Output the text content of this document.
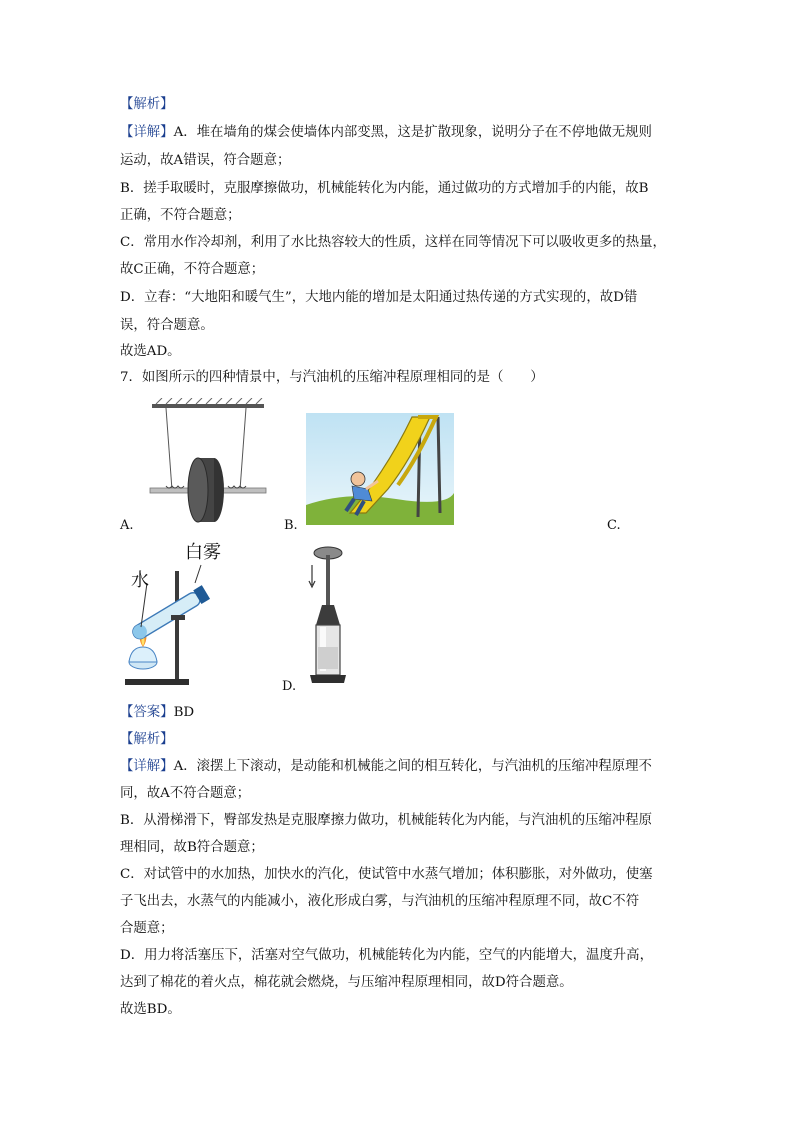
【解析】
【详解】A．堆在墙角的煤会使墙体内部变黑，这是扩散现象，说明分子在不停地做无规则
运动，故A错误，符合题意；
B．搓手取暖时，克服摩擦做功，机械能转化为内能，通过做功的方式增加手的内能，故B
正确，不符合题意；
C．常用水作冷却剂，利用了水比热容较大的性质，这样在同等情况下可以吸收更多的热量，
故C正确，不符合题意；
D．立春：“大地阳和暖气生”，大地内能的增加是太阳通过热传递的方式实现的，故D错
误，符合题意。
故选AD。
7．如图所示的四种情景中，与汽油机的压缩冲程原理相同的是（　　）
A.	B.	C.
白雾
水
D.
【答案】BD
【解析】
【详解】A．滚摆上下滚动，是动能和机械能之间的相互转化，与汽油机的压缩冲程原理不
同，故A不符合题意；
B．从滑梯滑下，臀部发热是克服摩擦力做功，机械能转化为内能，与汽油机的压缩冲程原
理相同，故B符合题意；
C．对试管中的水加热，加快水的汽化，使试管中水蒸气增加；体积膨胀，对外做功，使塞
子飞出去，水蒸气的内能减小，液化形成白雾，与汽油机的压缩冲程原理不同，故C不符
合题意；
D．用力将活塞压下，活塞对空气做功，机械能转化为内能，空气的内能增大，温度升高，
达到了棉花的着火点，棉花就会燃烧，与压缩冲程原理相同，故D符合题意。
故选BD。
